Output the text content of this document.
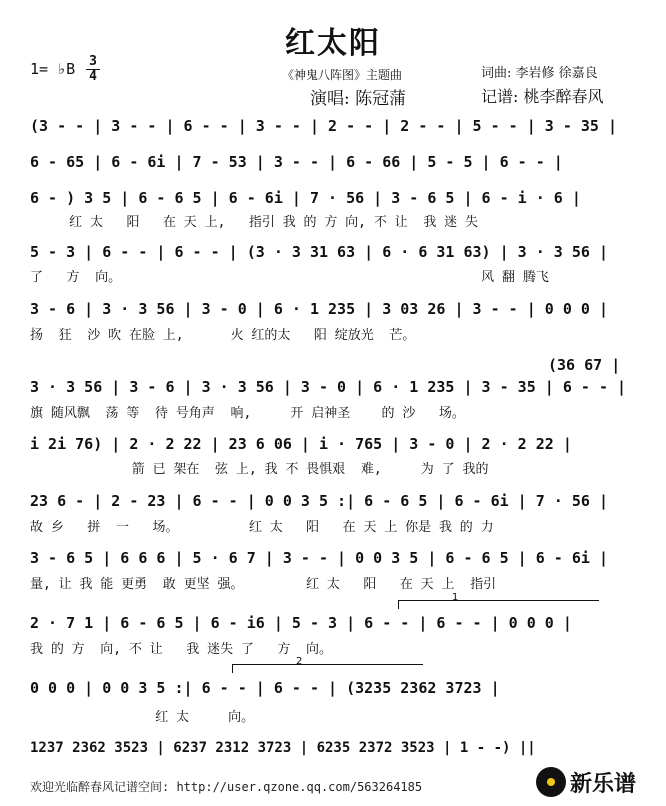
红太阳
1= ♭B $\frac{3}{4}$	《神鬼八阵图》主题曲	词曲: 李岩修 徐嘉良
演唱: 陈冠蒲	记谱: 桃李醉春风
(3 - - | 3 - - | 6 - - | 3 - - | 2 - - | 2 - - | 5 - - | 3 - 35 |
6 - 65 | 6 - 6i | 7 - 53 | 3 - - | 6 - 66 | 5 - 5 | 6 - - |
6 - ) 3 5 | 6 - 6 5 | 6 - 6i | 7 · 56 | 3 - 6 5 | 6 - i · 6 |
红 太   阳   在 天 上,   指引 我 的 方 向, 不 让  我 迷 失
5 - 3 | 6 - - | 6 - - | (3 · 3 31 63 | 6 · 6 31 63) | 3 · 3 56 |
了   方  向。                                              风 翻 腾飞
3 - 6 | 3 · 3 56 | 3 - 0 | 6 · 1 235 | 3 03 26 | 3 - - | 0 0 0 |
扬  狂  沙 吹 在脸 上,      火 红的太   阳 绽放光  芒。
(36 67 |
3 · 3 56 | 3 - 6 | 3 · 3 56 | 3 - 0 | 6 · 1 235 | 3 - 35 | 6 - - |
旗 随风飘  荡 等  待 号角声  响,     开 启神圣    的 沙   场。
i 2i 76) | 2 · 2 22 | 23 6 06 | i · 765 | 3 - 0 | 2 · 2 22 |
箭 已 架在  弦 上, 我 不 畏惧艰  难,     为 了 我的
23 6 - | 2 - 23 | 6 - - | 0 0 3 5 :| 6 - 6 5 | 6 - 6i | 7 · 56 |
故 乡   拼  一   场。         红 太   阳   在 天 上 你是 我 的 力
3 - 6 5 | 6 6 6 | 5 · 6 7 | 3 - - | 0 0 3 5 | 6 - 6 5 | 6 - 6i |
量, 让 我 能 更勇  敢 更坚 强。        红 太   阳   在 天 上  指引
1
2 · 7 1 | 6 - 6 5 | 6 - i6 | 5 - 3 | 6 - - | 6 - - | 0 0 0 |
我 的 方  向, 不 让   我 迷失 了   方  向。
2
0 0 0 | 0 0 3 5 :| 6 - - | 6 - - | (3235 2362 3723 |
红 太     向。
1237 2362 3523 | 6237 2312 3723 | 6235 2372 3523 | 1 - -) ||
欢迎光临醉春风记谱空间: http://user.qzone.qq.com/563264185	新乐谱
